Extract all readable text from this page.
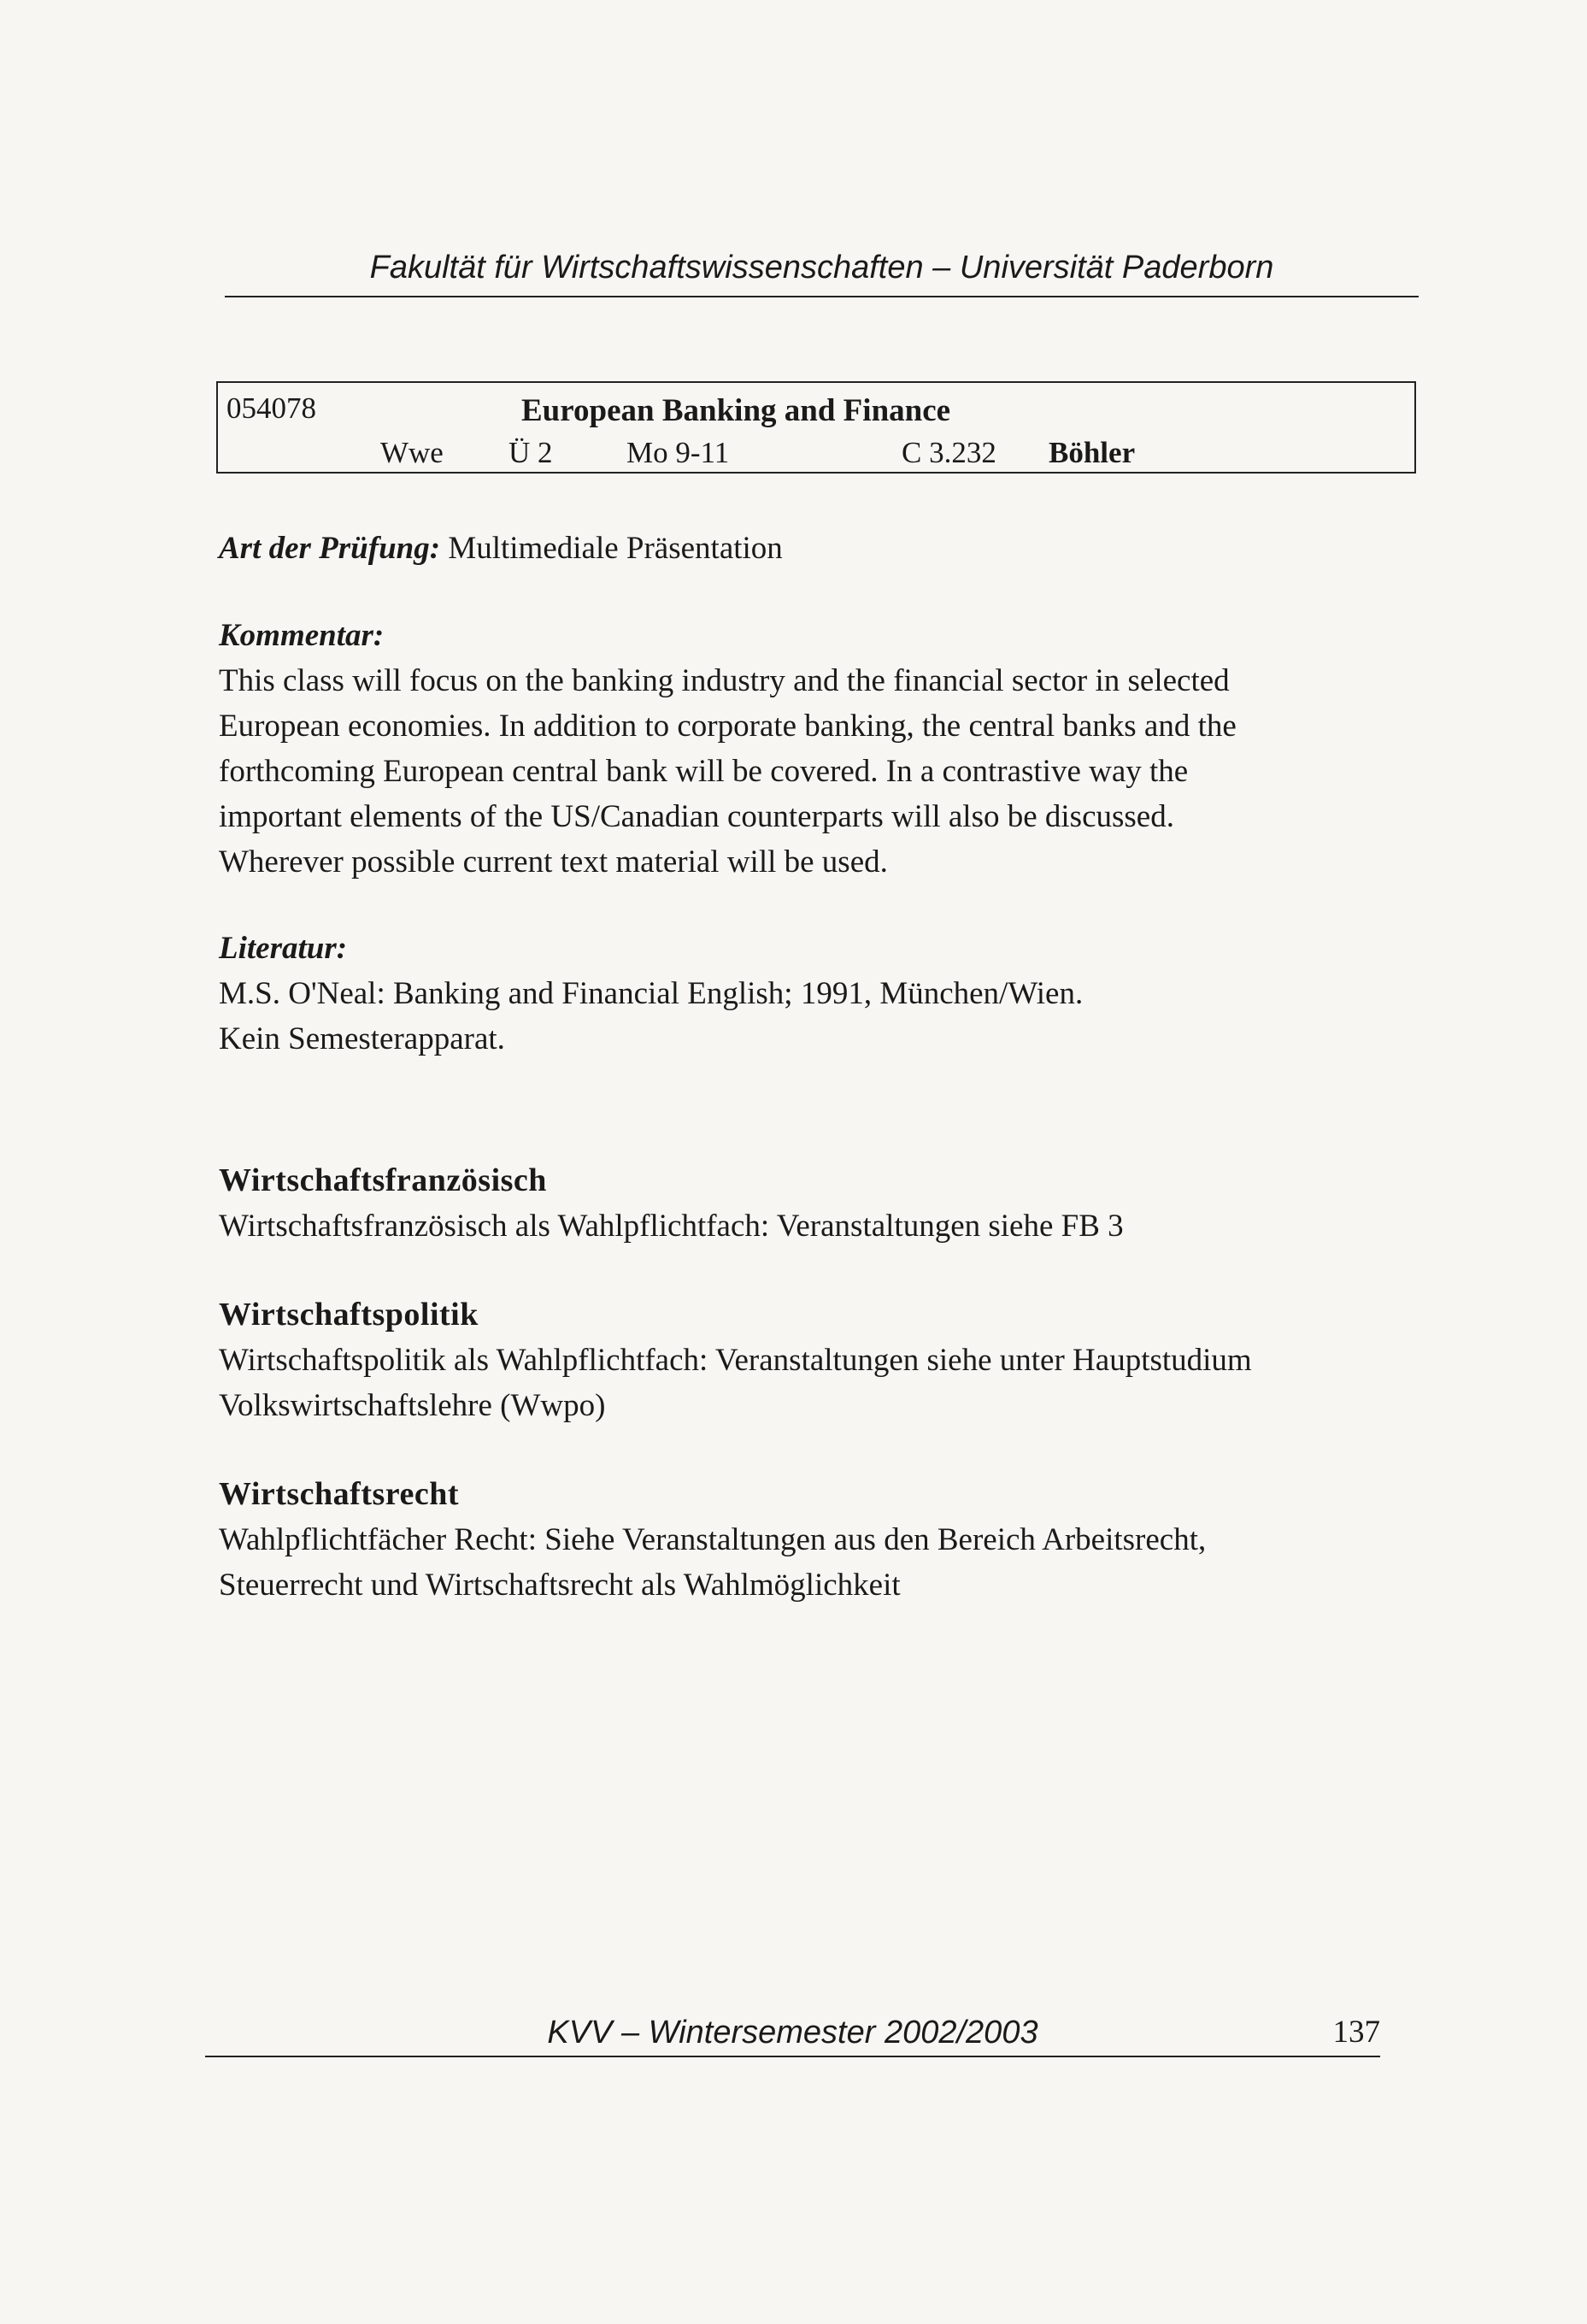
Fakultät für Wirtschaftswissenschaften – Universität Paderborn
054078	European Banking and Finance
Wwe Ü 2 Mo 9-11	C 3.232 Böhler
Art der Prüfung: Multimediale Präsentation
Kommentar:
This class will focus on the banking industry and the financial sector in selected
European economies. In addition to corporate banking, the central banks and the
forthcoming European central bank will be covered. In a contrastive way the
important elements of the US/Canadian counterparts will also be discussed.
Wherever possible current text material will be used.
Literatur:
M.S. O'Neal: Banking and Financial English; 1991, München/Wien.
Kein Semesterapparat.
Wirtschaftsfranzösisch
Wirtschaftsfranzösisch als Wahlpflichtfach: Veranstaltungen siehe FB 3
Wirtschaftspolitik
Wirtschaftspolitik als Wahlpflichtfach: Veranstaltungen siehe unter Hauptstudium
Volkswirtschaftslehre (Wwpo)
Wirtschaftsrecht
Wahlpflichtfächer Recht: Siehe Veranstaltungen aus den Bereich Arbeitsrecht,
Steuerrecht und Wirtschaftsrecht als Wahlmöglichkeit
KVV – Wintersemester 2002/2003	137
